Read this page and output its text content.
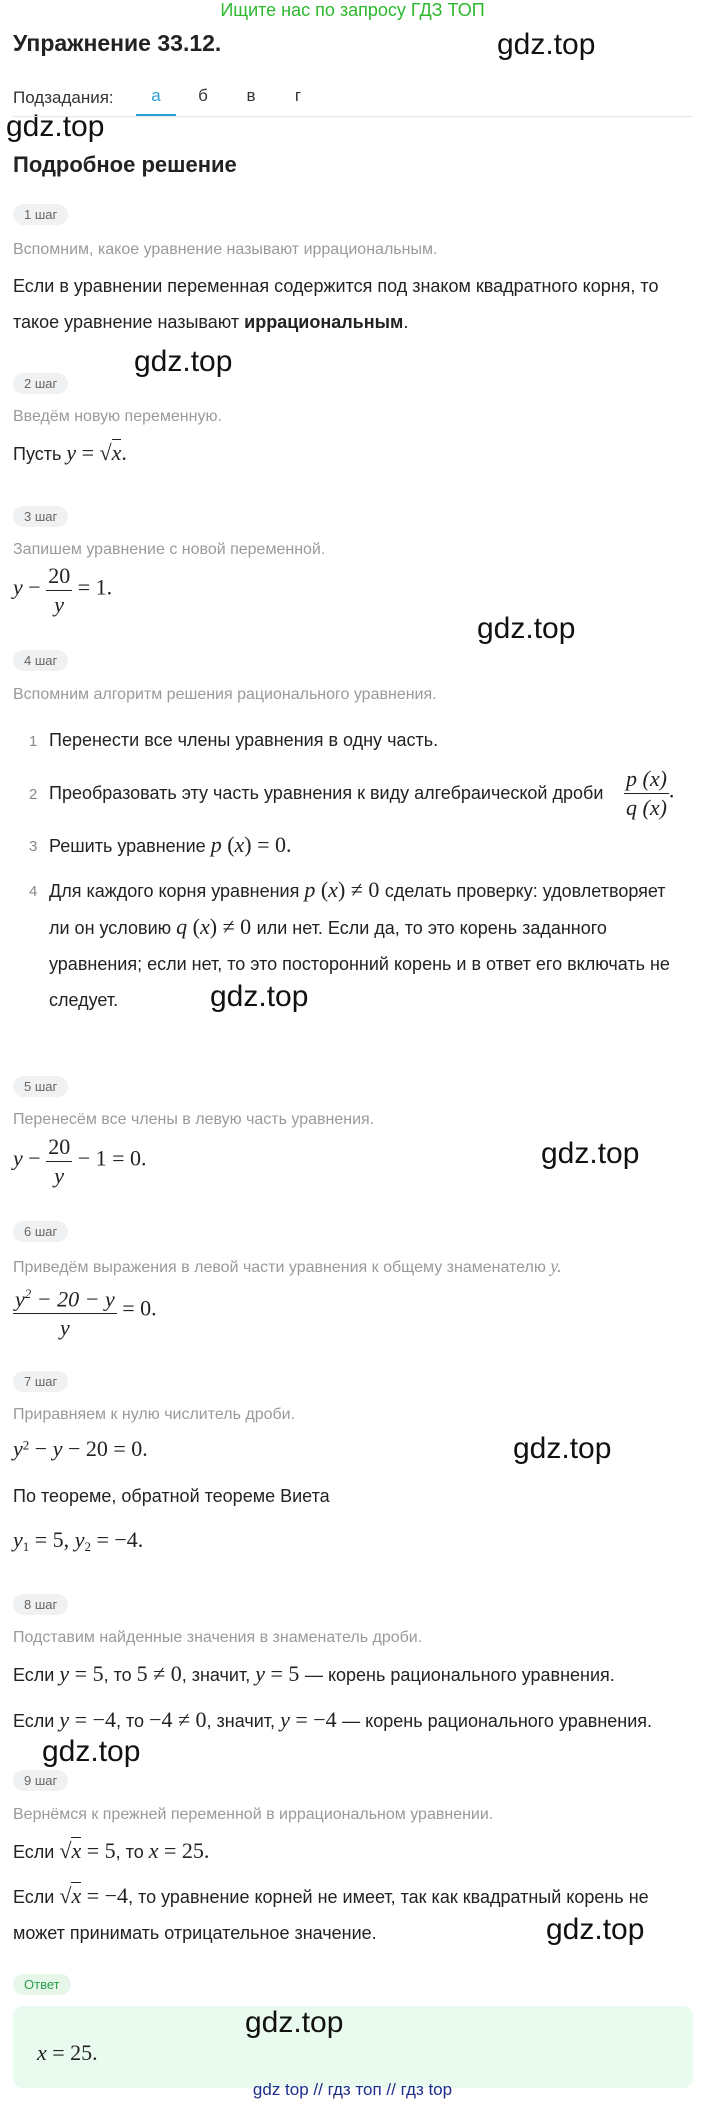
Ищите нас по запросу ГДЗ ТОП
Упражнение 33.12.	gdz.top
gdz.top
gdz.top
gdz.top
gdz.top
gdz.top
gdz.top
gdz.top
gdz.top
Подзадания:	а	б	в	г
Подробное решение
1 шаг
Вспомним, какое уравнение называют иррациональным.
Если в уравнении переменная содержится под знаком квадратного корня, то
такое уравнение называют иррациональным.
2 шаг
Введём новую переменную.
Пусть y = √x.
3 шаг
Запишем уравнение с новой переменной.
$y - \frac{20}{y} = 1$.
4 шаг
Вспомним алгоритм решения рационального уравнения.
1 Перенести все члены уравнения в одну часть.
2 Преобразовать эту часть уравнения к виду алгебраической дроби $\frac{p (x)}{q (x)}$ .
3 Решить уравнение p (x) = 0.
4 Для каждого корня уравнения p (x) ≠ 0 сделать проверку: удовлетворяет
ли он условию q (x) ≠ 0 или нет. Если да, то это корень заданного
уравнения; если нет, то это посторонний корень и в ответ его включать не
следует.
5 шаг
Перенесём все члены в левую часть уравнения.
$y - \frac{20}{y} - 1 = 0$.
6 шаг
Приведём выражения в левой части уравнения к общему знаменателю y.
$\frac{y^2 - 20 - y}{y} = 0$.
7 шаг
Приравняем к нулю числитель дроби.
$y^2 - y - 20 = 0$.
По теореме, обратной теореме Виета
$y_1 = 5$, $y_2 = -4$.
8 шаг
Подставим найденные значения в знаменатель дроби.
Если y = 5, то 5 ≠ 0, значит, y = 5 — корень рационального уравнения.
Если y = −4, то −4 ≠ 0, значит, y = −4 — корень рационального уравнения.
9 шаг
Вернёмся к прежней переменной в иррациональном уравнении.
Если √x = 5, то x = 25.
Если √x = −4, то уравнение корней не имеет, так как квадратный корень не
может принимать отрицательное значение.
Ответ
x = 25.
gdz.top
gdz top // гдз топ // гдз top
